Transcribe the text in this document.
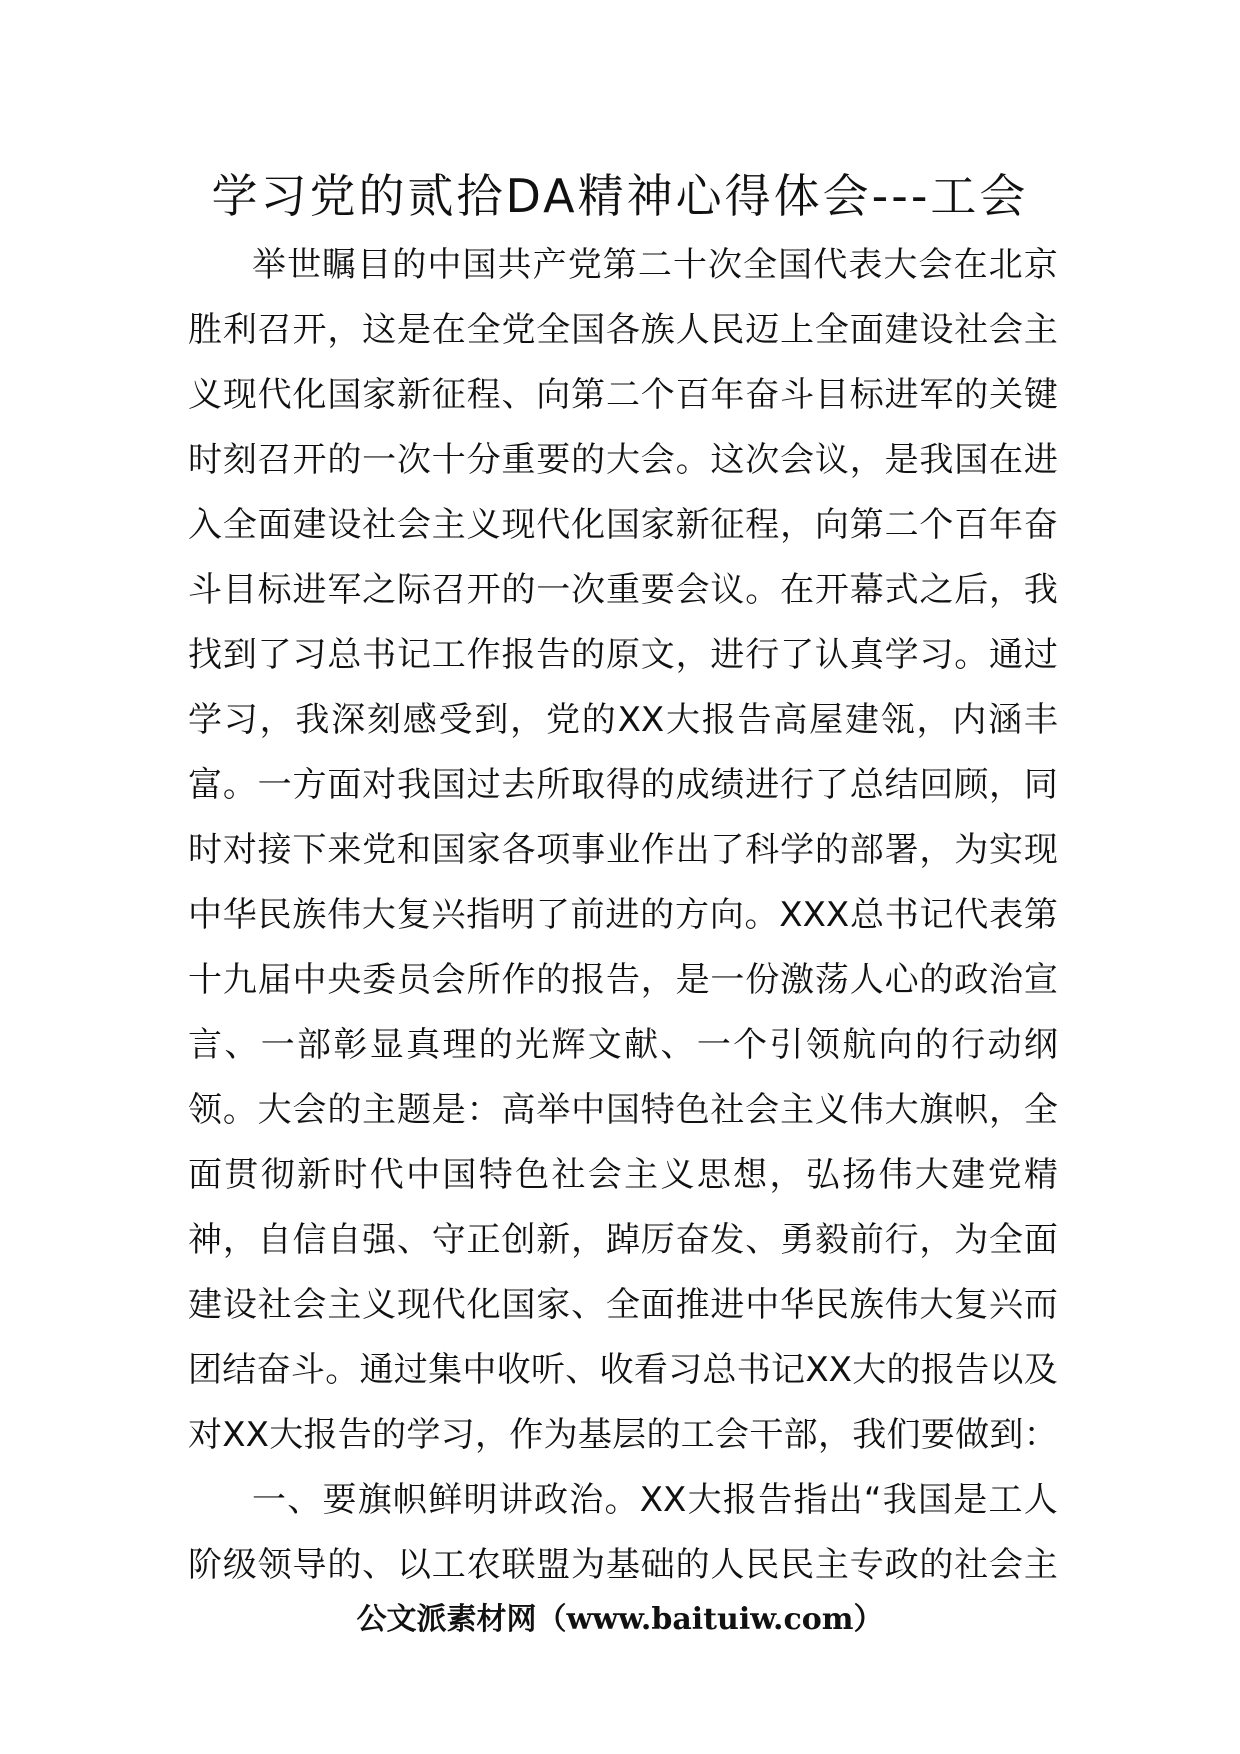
学习党的贰拾DA精神心得体会---工会
举 世 瞩 目 的 中 国 共 产 党 第 二 十 次 全 国 代 表 大 会 在 北 京
胜 利 召 开 ， 这 是 在 全 党 全 国 各 族 人 民 迈 上 全 面 建 设 社 会 主
义 现 代 化 国 家 新 征 程 、 向 第 二 个 百 年 奋 斗 目 标 进 军 的 关 键
时 刻 召 开 的 一 次 十 分 重 要 的 大 会 。 这 次 会 议 ， 是 我 国 在 进
入 全 面 建 设 社 会 主 义 现 代 化 国 家 新 征 程 ， 向 第 二 个 百 年 奋
斗 目 标 进 军 之 际 召 开 的 一 次 重 要 会 议 。 在 开 幕 式 之 后 ， 我
找 到 了 习 总 书 记 工 作 报 告 的 原 文 ， 进 行 了 认 真 学 习 。 通 过
学 习 ， 我 深 刻 感 受 到 ， 党 的 XX 大 报 告 高 屋 建 瓴 ， 内 涵 丰
富 。 一 方 面 对 我 国 过 去 所 取 得 的 成 绩 进 行 了 总 结 回 顾 ， 同
时 对 接 下 来 党 和 国 家 各 项 事 业 作 出 了 科 学 的 部 署 ， 为 实 现
中 华 民 族 伟 大 复 兴 指 明 了 前 进 的 方 向 。 XXX 总 书 记 代 表 第
十 九 届 中 央 委 员 会 所 作 的 报 告 ， 是 一 份 激 荡 人 心 的 政 治 宣
言 、 一 部 彰 显 真 理 的 光 辉 文 献 、 一 个 引 领 航 向 的 行 动 纲
领 。 大 会 的 主 题 是 ： 高 举 中 国 特 色 社 会 主 义 伟 大 旗 帜 ， 全
面 贯 彻 新 时 代 中 国 特 色 社 会 主 义 思 想 ， 弘 扬 伟 大 建 党 精
神 ， 自 信 自 强 、 守 正 创 新 ， 踔 厉 奋 发 、 勇 毅 前 行 ， 为 全 面
建 设 社 会 主 义 现 代 化 国 家 、 全 面 推 进 中 华 民 族 伟 大 复 兴 而
团 结 奋 斗 。 通 过 集 中 收 听 、 收 看 习 总 书 记 XX 大 的 报 告 以 及
对 XX 大 报 告 的 学 习 ， 作 为 基 层 的 工 会 干 部 ， 我 们 要 做 到 ：
一 、 要 旗 帜 鲜 明 讲 政 治 。 XX 大 报 告 指 出 “ 我 国 是 工 人
阶 级 领 导 的 、 以 工 农 联 盟 为 基 础 的 人 民 民 主 专 政 的 社 会 主
公文派素材网（www.baituiw.com）
